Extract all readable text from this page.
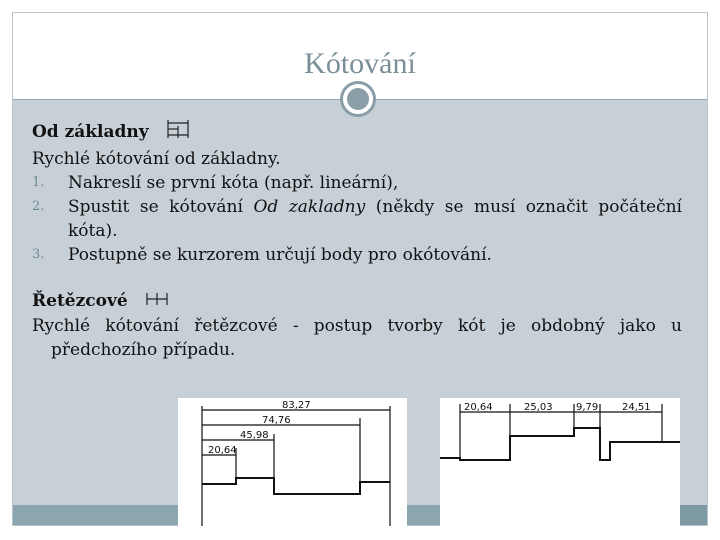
Kótování
Od základny
Rychlé kótování od základny.
1. Nakreslí se první kóta (např. lineární),
2. Spustit se kótování Od zakladny (někdy se musí označit počáteční kóta).
3. Postupně se kurzorem určují body pro okótování.
Řetězcové
Rychlé kótování řetězcové - postup tvorby kót je obdobný jako u předchozího případu.
83,27
74,76
45,98
20,64
20,64	25,03 9,79 24,51
